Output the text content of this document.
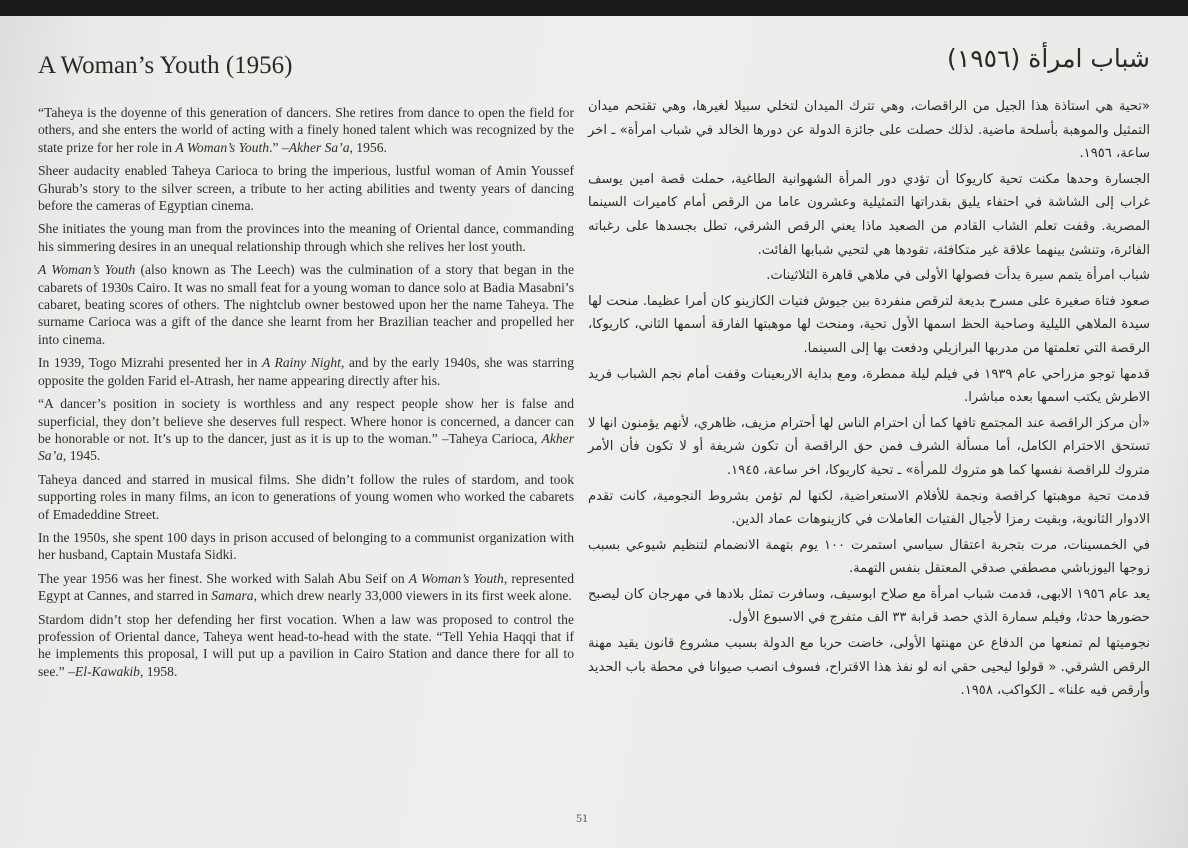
A Woman’s Youth (1956)

“Taheya is the doyenne of this generation of dancers. She retires from dance to open the field for others, and she enters the world of acting with a finely honed talent which was recognized by the state prize for her role in A Woman’s Youth.” –Akher Sa’a, 1956.

Sheer audacity enabled Taheya Carioca to bring the imperious, lustful woman of Amin Youssef Ghurab’s story to the silver screen, a tribute to her acting abilities and twenty years of dancing before the cameras of Egyptian cinema.

She initiates the young man from the provinces into the meaning of Oriental dance, commanding his simmering desires in an unequal relationship through which she relives her lost youth.

A Woman’s Youth (also known as The Leech) was the culmination of a story that began in the cabarets of 1930s Cairo. It was no small feat for a young woman to dance solo at Badia Masabni’s cabaret, beating scores of others. The nightclub owner bestowed upon her the name Taheya. The surname Carioca was a gift of the dance she learnt from her Brazilian teacher and propelled her into cinema.

In 1939, Togo Mizrahi presented her in A Rainy Night, and by the early 1940s, she was starring opposite the golden Farid el-Atrash, her name appearing directly after his.

“A dancer’s position in society is worthless and any respect people show her is false and superficial, they don’t believe she deserves full respect. Where honor is concerned, a dancer can be honorable or not. It’s up to the dancer, just as it is up to the woman.” –Taheya Carioca, Akher Sa’a, 1945.

Taheya danced and starred in musical films. She didn’t follow the rules of stardom, and took supporting roles in many films, an icon to generations of young women who worked the cabarets of Emadeddine Street.

In the 1950s, she spent 100 days in prison accused of belonging to a communist organization with her husband, Captain Mustafa Sidki.

The year 1956 was her finest. She worked with Salah Abu Seif on A Woman’s Youth, represented Egypt at Cannes, and starred in Samara, which drew nearly 33,000 viewers in its first week alone.

Stardom didn’t stop her defending her first vocation. When a law was proposed to control the profession of Oriental dance, Taheya went head-to-head with the state. “Tell Yehia Haqqi that if he implements this proposal, I will put up a pavilion in Cairo Station and dance there for all to see.” –El-Kawakib, 1958.

شباب امرأة (١٩٥٦)

«تحية هي استاذة هذا الجيل من الراقصات، وهي تترك الميدان لتخلي سبيلا لغيرها، وهي تقتحم ميدان التمثيل والموهبة بأسلحة ماضية. لذلك حصلت على جائزة الدولة عن دورها الخالد في شباب امرأة» ـ اخر ساعة، ١٩٥٦.

الجسارة وحدها مكنت تحية كاريوكا أن تؤدي دور المرأة الشهوانية الطاغية، حملت قصة امين يوسف غراب إلى الشاشة في احتفاء يليق بقدراتها التمثيلية وعشرون عاما من الرقص أمام كاميرات السينما المصرية. وقفت تعلم الشاب القادم من الصعيد ماذا يعني الرقص الشرقي، تطل بجسدها على رغباته الفائرة، وتنشئ بينهما علاقة غير متكافئة، تقودها هي لتحيي شبابها الفائت.

شباب امرأة يتمم سيرة بدأت فصولها الأولى في ملاهي قاهرة الثلاثينات.

صعود فتاة صغيرة على مسرح بديعة لترقص منفردة بين جيوش فتيات الكازينو كان أمرا عظيما. منحت لها سيدة الملاهي الليلية وصاحبة الحظ اسمها الأول تحية، ومنحت لها موهبتها الفارقة أسمها الثاني، كاريوكا، الرقصة التي تعلمتها من مدربها البرازيلي ودفعت بها إلى السينما.

قدمها توجو مزراحي عام ١٩٣٩ في فيلم ليلة ممطرة، ومع بداية الاربعينات وقفت أمام نجم الشباب فريد الاطرش يكتب اسمها بعده مباشرا.

«أن مركز الراقصة عند المجتمع تافها كما أن احترام الناس لها أحترام مزيف، ظاهري، لأنهم يؤمنون انها لا تستحق الاحترام الكامل، أما مسألة الشرف فمن حق الراقصة أن تكون شريفة أو لا تكون فأن الأمر متروك للراقصة نفسها كما هو متروك للمرأة» ـ تحية كاريوكا، اخر ساعة، ١٩٤٥.

قدمت تحية موهبتها كراقصة ونجمة للأفلام الاستعراضية، لكنها لم تؤمن بشروط النجومية، كانت تقدم الادوار الثانوية، وبقيت رمزا لأجيال الفتيات العاملات في كازينوهات عماد الدين.

في الخمسينات، مرت بتجربة اعتقال سياسي استمرت ١٠٠ يوم بتهمة الانضمام لتنظيم شيوعي بسبب زوجها اليوزباشي مصطفي صدقي المعتقل بنفس التهمة.

يعد عام ١٩٥٦ الابهى، قدمت شباب امرأة مع صلاح ابوسيف، وسافرت تمثل بلادها في مهرجان كان ليصبح حضورها حدثا، وفيلم سمارة الذي حصد قرابة ٣٣ الف متفرج في الاسبوع الأول.

نجوميتها لم تمنعها من الدفاع عن مهنتها الأولى، خاضت حربا مع الدولة بسبب مشروع قانون يقيد مهنة الرقص الشرقي. « قولوا ليحيى حقي انه لو نفذ هذا الاقتراح، فسوف انصب صيوانا في محطة باب الحديد وأرقص فيه علنا» ـ الكواكب، ١٩٥٨.

51
